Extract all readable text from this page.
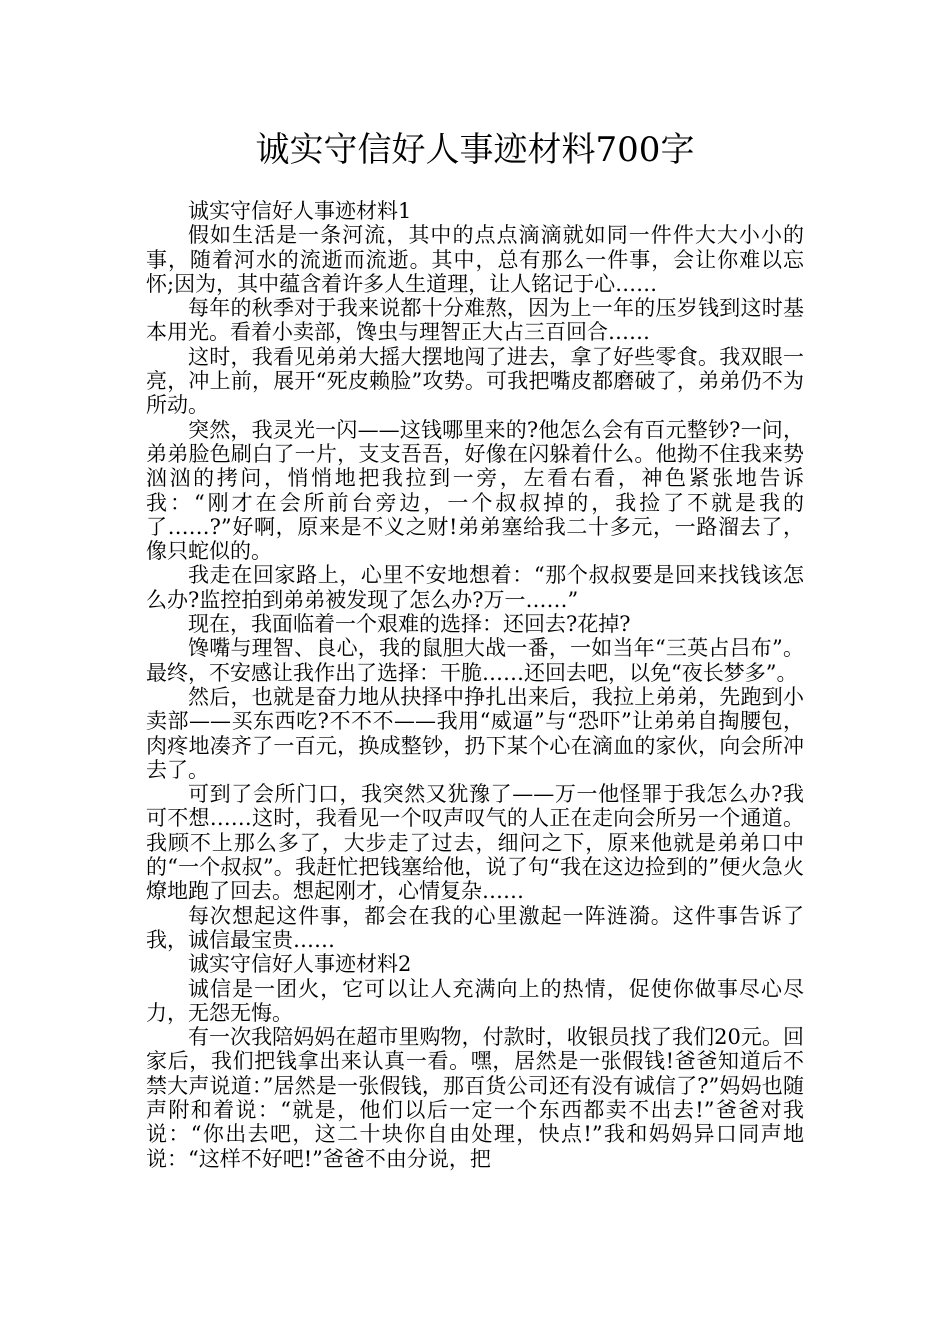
诚实守信好人事迹材料700字

诚实守信好人事迹材料1

假如生活是一条河流，其中的点点滴滴就如同一件件大大小小的事，随着河水的流逝而流逝。其中，总有那么一件事，会让你难以忘怀;因为，其中蕴含着许多人生道理，让人铭记于心……

每年的秋季对于我来说都十分难熬，因为上一年的压岁钱到这时基本用光。看着小卖部，馋虫与理智正大占三百回合……

这时，我看见弟弟大摇大摆地闯了进去，拿了好些零食。我双眼一亮，冲上前，展开“死皮赖脸”攻势。可我把嘴皮都磨破了，弟弟仍不为所动。

突然，我灵光一闪——这钱哪里来的?他怎么会有百元整钞?一问，弟弟脸色刷白了一片，支支吾吾，好像在闪躲着什么。他拗不住我来势汹汹的拷问，悄悄地把我拉到一旁，左看右看，神色紧张地告诉我：“刚才在会所前台旁边，一个叔叔掉的，我捡了不就是我的了……?”好啊，原来是不义之财!弟弟塞给我二十多元，一路溜去了，像只蛇似的。

我走在回家路上，心里不安地想着：“那个叔叔要是回来找钱该怎么办?监控拍到弟弟被发现了怎么办?万一……”

现在，我面临着一个艰难的选择：还回去?花掉?

馋嘴与理智、良心，我的鼠胆大战一番，一如当年“三英占吕布”。最终，不安感让我作出了选择：干脆……还回去吧，以免“夜长梦多”。

然后，也就是奋力地从抉择中挣扎出来后，我拉上弟弟，先跑到小卖部——买东西吃?不不不——我用“威逼”与“恐吓”让弟弟自掏腰包，肉疼地凑齐了一百元，换成整钞，扔下某个心在滴血的家伙，向会所冲去了。

可到了会所门口，我突然又犹豫了——万一他怪罪于我怎么办?我可不想……这时，我看见一个叹声叹气的人正在走向会所另一个通道。我顾不上那么多了，大步走了过去，细问之下，原来他就是弟弟口中的“一个叔叔”。我赶忙把钱塞给他，说了句“我在这边捡到的”便火急火燎地跑了回去。想起刚才，心情复杂……

每次想起这件事，都会在我的心里激起一阵涟漪。这件事告诉了我，诚信最宝贵……

诚实守信好人事迹材料2

诚信是一团火，它可以让人充满向上的热情，促使你做事尽心尽力，无怨无悔。

有一次我陪妈妈在超市里购物，付款时，收银员找了我们20元。回家后，我们把钱拿出来认真一看。嘿，居然是一张假钱!爸爸知道后不禁大声说道：”居然是一张假钱，那百货公司还有没有诚信了?”妈妈也随声附和着说：“就是，他们以后一定一个东西都卖不出去!”爸爸对我说：“你出去吧，这二十块你自由处理，快点!”我和妈妈异口同声地说：“这样不好吧!”爸爸不由分说，把
